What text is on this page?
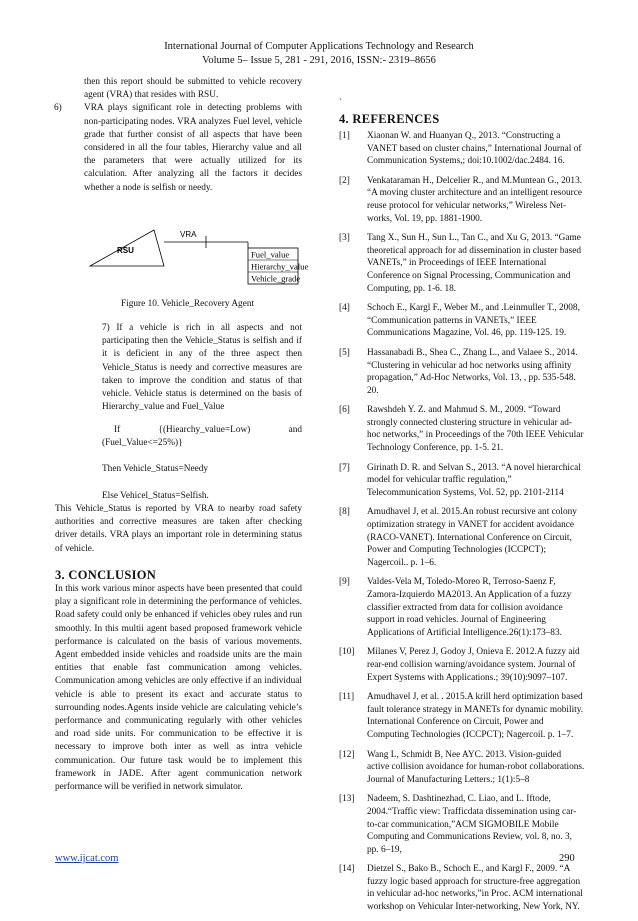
International Journal of Computer Applications Technology and Research
Volume 5– Issue 5, 281 - 291, 2016, ISSN:- 2319–8656

then this report should be submitted to vehicle recovery agent (VRA) that resides with RSU.

6) VRA plays significant role in detecting problems with non-participating nodes. VRA analyzes Fuel level, vehicle grade that further consist of all aspects that have been considered in all the four tables, Hierarchy value and all the parameters that were actually utilized for its calculation. After analyzing all the factors it decides whether a node is selfish or needy.

RSU
VRA
Fuel_value
Hierarchy_value
Vehicle_grade
Figure 10. Vehicle_Recovery Agent

7) If a vehicle is rich in all aspects and not participating then the Vehicle_Status is selfish and if it is deficient in any of the three aspect then Vehicle_Status is needy and corrective measures are taken to improve the condition and status of that vehicle. Vehicle status is determined on the basis of Hierarchy_value and Fuel_Value

If	{(Hiearchy_value=Low)	and
(Fuel_Value<=25%)}
Then Vehicle_Status=Needy
Else Vehicel_Status=Selfish.

This Vehicle_Status is reported by VRA to nearby road safety authorities and corrective measures are taken after checking driver details. VRA plays an important role in determining status of vehicle.

3. CONCLUSION

In this work various minor aspects have been presented that could play a significant role in determining the performance of vehicles. Road safety could only be enhanced if vehicles obey rules and run smoothly. In this multii agent based proposed framework vehicle performance is calculated on the basis of various movements. Agent embedded inside vehicles and roadside units are the main entities that enable fast communication among vehicles. Communication among vehicles are only effective if an individual vehicle is able to present its exact and accurate status to surrounding nodes.Agents inside vehicle are calculating vehicle’s performance and communicating regularly with other vehicles and road side units. For communication to be effective it is necessary to improve both inter as well as intra vehicle communication. Our future task would be to implement this framework in JADE. After agent communication network performance will be verified in network simulator.

`
4. REFERENCES

[1] Xiaonan W. and Huanyan Q., 2013. “Constructing a VANET based on cluster chains,” International Journal of Communication Systems,; doi:10.1002/dac.2484. 16.

[2] Venkataraman H., Delcelier R., and M.Muntean G., 2013. “A moving cluster architecture and an intelligent resource reuse protocol for vehicular networks,” Wireless Net-works, Vol. 19, pp. 1881-1900.

[3] Tang X., Sun H., Sun L., Tan C., and Xu G, 2013. “Game theoretical approach for ad dissemination in cluster based VANETs,” in Proceedings of IEEE International Conference on Signal Processing, Communication and Computing, pp. 1-6. 18.

[4] Schoch E., Kargl F., Weber M., and .Leinmuller T., 2008, “Communication patterns in VANETs,” IEEE Communications Magazine, Vol. 46, pp. 119-125. 19.

[5] Hassanabadi B., Shea C., Zhang L., and Valaee S., 2014. “Clustering in vehicular ad hoc networks using affinity propagation,” Ad-Hoc Networks, Vol. 13, , pp. 535-548. 20.

[6] Rawshdeh Y. Z. and Mahmud S. M., 2009. “Toward strongly connected clustering structure in vehicular ad-hoc networks,” in Proceedings of the 70th IEEE Vehicular Technology Conference, pp. 1-5. 21.

[7] Girinath D. R. and Selvan S., 2013. “A novel hierarchical model for vehicular traffic regulation,” Telecommunication Systems, Vol. 52, pp. 2101-2114

[8] Amudhavel J, et al. 2015.An robust recursive ant colony optimization strategy in VANET for accident avoidance (RACO-VANET). International Conference on Circuit, Power and Computing Technologies (ICCPCT); Nagercoil.. p. 1–6.

[9] Valdes-Vela M, Toledo-Moreo R, Terroso-Saenz F, Zamora-Izquierdo MA2013. An Application of a fuzzy classifier extracted from data for collision avoidance support in road vehicles. Journal of Engineering Applications of Artificial Intelligence.26(1):173–83.

[10] Milanes V, Perez J, Godoy J, Onieva E. 2012.A fuzzy aid rear-end collision warning/avoidance system. Journal of Expert Systems with Applications.; 39(10):9097–107.

[11] Amudhavel J, et al. . 2015.A krill herd optimization based fault tolerance strategy in MANETs for dynamic mobility. International Conference on Circuit, Power and Computing Technologies (ICCPCT); Nagercoil. p. 1–7.

[12] Wang L, Schmidt B, Nee AYC. 2013. Vision-guided active collision avoidance for human-robot collaborations. Journal of Manufacturing Letters.; 1(1):5–8

[13] Nadeem, S. Dashtinezhad, C. Liao, and L. Iftode, 2004.“Traffic view: Trafficdata dissemination using car-to-car communication,”ACM SIGMOBILE Mobile Computing and Communications Review, vol. 8, no. 3, pp. 6–19,

[14] Dietzel S., Bako B., Schoch E., and Kargl F., 2009. “A fuzzy logic based approach for structure-free aggregation in vehicular ad-hoc networks,”in Proc. ACM international workshop on Vehicular Inter-networking, New York, NY.

www.ijcat.com	290
